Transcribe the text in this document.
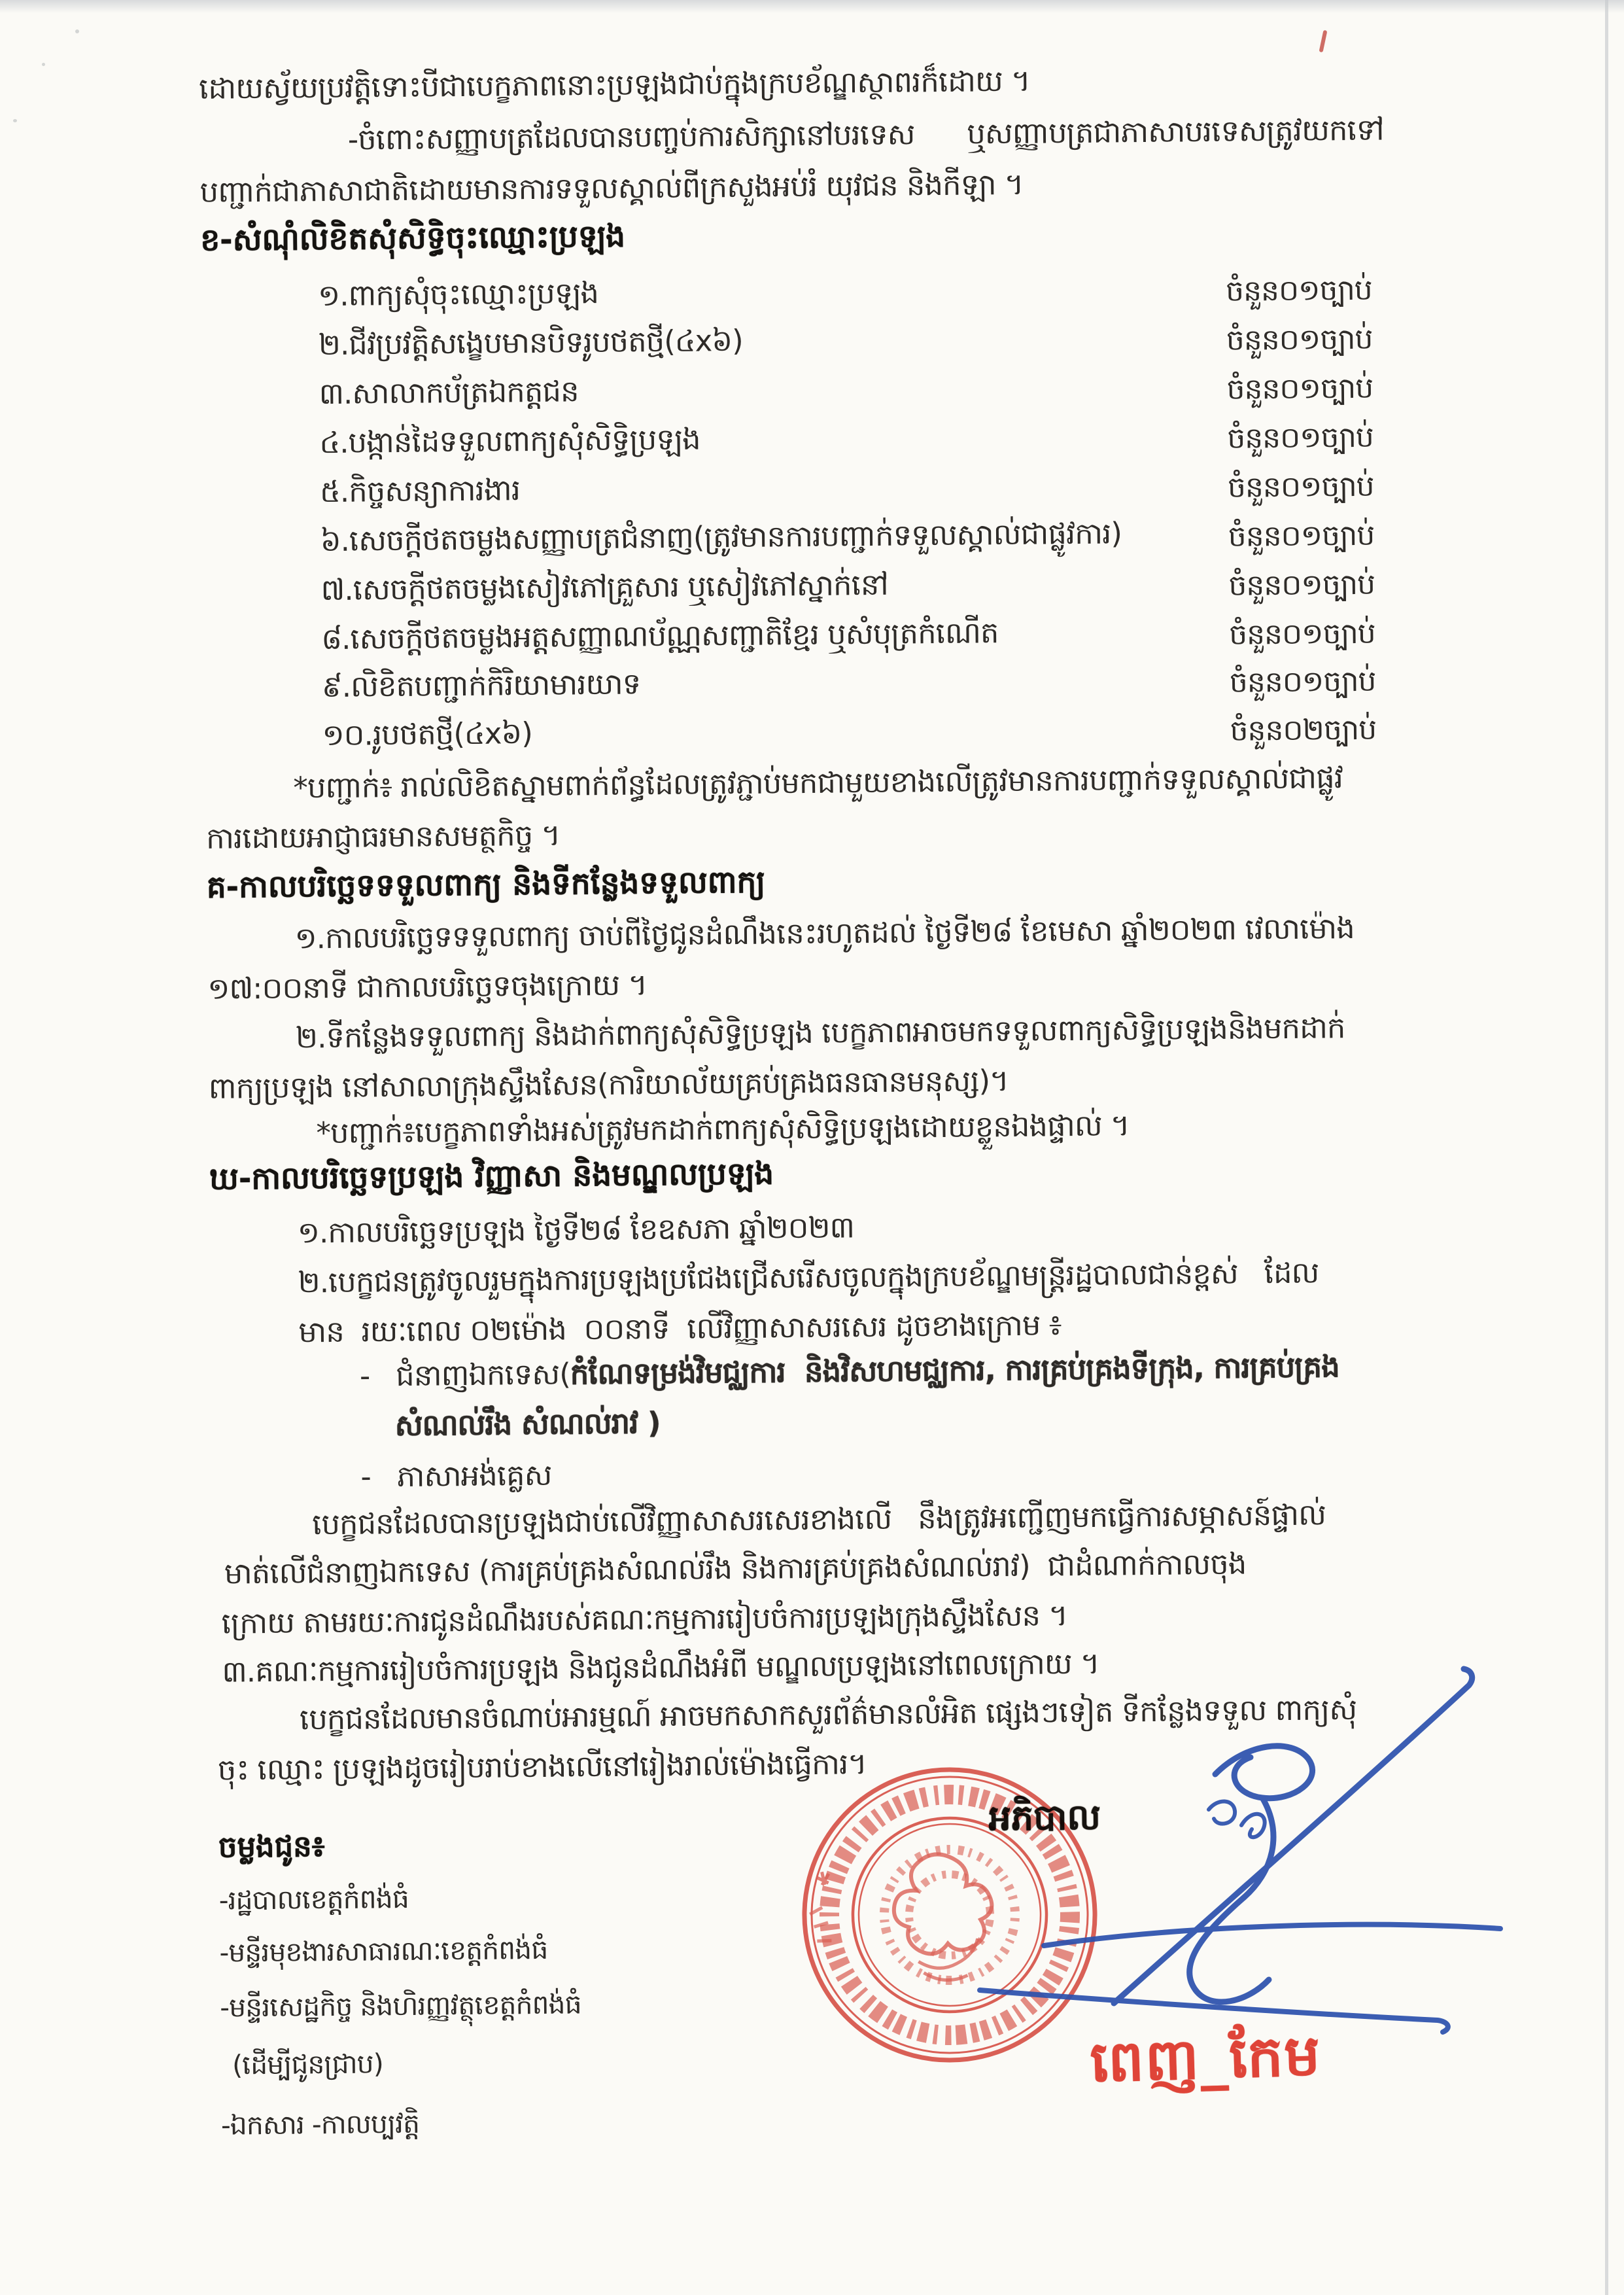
ដោយស្វ័យប្រវត្តិទោះបីជាបេក្ខភាពនោះប្រឡងជាប់ក្នុងក្របខ័ណ្ឌស្ថាពរក៏ដោយ ។
-ចំពោះសញ្ញាបត្រដែលបានបញ្ចប់ការសិក្សានៅបរទេស      ឬសញ្ញាបត្រជាភាសាបរទេសត្រូវយកទៅ
បញ្ជាក់ជាភាសាជាតិដោយមានការទទួលស្គាល់ពីក្រសួងអប់រំ យុវជន និងកីឡា ។
ខ-សំណុំលិខិតសុំសិទ្ធិចុះឈ្មោះប្រឡង
១.ពាក្យសុំចុះឈ្មោះប្រឡង	ចំនួន០១ច្បាប់
២.ជីវប្រវត្តិសង្ខេបមានបិទរូបថតថ្មី(៤x៦)	ចំនួន០១ច្បាប់
៣.សាលាកប័ត្រឯកត្តជន	ចំនួន០១ច្បាប់
៤.បង្កាន់ដៃទទួលពាក្យសុំសិទ្ធិប្រឡង	ចំនួន០១ច្បាប់
៥.កិច្ចសន្យាការងារ	ចំនួន០១ច្បាប់
៦.សេចក្ដីថតចម្លងសញ្ញាបត្រជំនាញ(ត្រូវមានការបញ្ជាក់ទទួលស្គាល់ជាផ្លូវការ)	ចំនួន០១ច្បាប់
៧.សេចក្ដីថតចម្លងសៀវភៅគ្រួសារ ឬសៀវភៅស្នាក់នៅ	ចំនួន០១ច្បាប់
៨.សេចក្ដីថតចម្លងអត្តសញ្ញាណប័ណ្ណសញ្ជាតិខ្មែរ ឬសំបុត្រកំណើត	ចំនួន០១ច្បាប់
៩.លិខិតបញ្ជាក់កិរិយាមារយាទ	ចំនួន០១ច្បាប់
១០.រូបថតថ្មី(៤x៦)	ចំនួន០២ច្បាប់
*បញ្ជាក់៖ រាល់លិខិតស្នាមពាក់ព័ន្ធដែលត្រូវភ្ជាប់មកជាមួយខាងលើត្រូវមានការបញ្ជាក់ទទួលស្គាល់ជាផ្លូវ
ការដោយអាជ្ញាធរមានសមត្ថកិច្ច ។
គ-កាលបរិច្ឆេទទទួលពាក្យ និងទីកន្លែងទទួលពាក្យ
១.កាលបរិច្ឆេទទទួលពាក្យ ចាប់ពីថ្ងៃជូនដំណឹងនេះរហូតដល់ ថ្ងៃទី២៨ ខែមេសា ឆ្នាំ២០២៣ វេលាម៉ោង
១៧:០០នាទី ជាកាលបរិច្ឆេទចុងក្រោយ ។
២.ទីកន្លែងទទួលពាក្យ និងដាក់ពាក្យសុំសិទ្ធិប្រឡង បេក្ខភាពអាចមកទទួលពាក្យសិទ្ធិប្រឡងនិងមកដាក់
ពាក្យប្រឡង នៅសាលាក្រុងស្ទឹងសែន(ការិយាល័យគ្រប់គ្រងធនធានមនុស្ស)។
*បញ្ជាក់៖បេក្ខភាពទាំងអស់ត្រូវមកដាក់ពាក្យសុំសិទ្ធិប្រឡងដោយខ្លួនឯងផ្ទាល់ ។
ឃ-កាលបរិច្ឆេទប្រឡង វិញ្ញាសា និងមណ្ឌលប្រឡង
១.កាលបរិច្ឆេទប្រឡង ថ្ងៃទី២៨ ខែឧសភា ឆ្នាំ២០២៣
២.បេក្ខជនត្រូវចូលរួមក្នុងការប្រឡងប្រជែងជ្រើសរើសចូលក្នុងក្របខ័ណ្ឌមន្ត្រីរដ្ឋបាលជាន់ខ្ពស់   ដែល
មាន  រយៈពេល ០២ម៉ោង  ០០នាទី  លើវិញ្ញាសាសរសេរ ដូចខាងក្រោម ៖
-   ជំនាញឯកទេស(កំណែទម្រង់វិមជ្ឈការ  និងវិសហមជ្ឈការ, ការគ្រប់គ្រងទីក្រុង, ការគ្រប់គ្រង
សំណល់រឹង សំណល់រាវ )
-   ភាសាអង់គ្លេស
បេក្ខជនដែលបានប្រឡងជាប់លើវិញ្ញាសាសរសេរខាងលើ   នឹងត្រូវអញ្ជើញមកធ្វើការសម្ភាសន៍ផ្ទាល់
មាត់លើជំនាញឯកទេស (ការគ្រប់គ្រងសំណល់រឹង និងការគ្រប់គ្រងសំណល់រាវ)  ជាដំណាក់កាលចុង
ក្រោយ តាមរយៈការជូនដំណឹងរបស់គណៈកម្មការរៀបចំការប្រឡងក្រុងស្ទឹងសែន ។
៣.គណៈកម្មការរៀបចំការប្រឡង និងជូនដំណឹងអំពី មណ្ឌលប្រឡងនៅពេលក្រោយ ។
បេក្ខជនដែលមានចំណាប់អារម្មណ៍ អាចមកសាកសួរព័ត៌មានលំអិត ផ្សេងៗទៀត ទីកន្លែងទទួល ពាក្យសុំ
ចុះ ឈ្មោះ ប្រឡងដូចរៀបរាប់ខាងលើនៅរៀងរាល់ម៉ោងធ្វើការ។
ចម្លងជូន៖
-រដ្ឋបាលខេត្តកំពង់ធំ
-មន្ទីរមុខងារសាធារណៈខេត្តកំពង់ធំ
-មន្ទីរសេដ្ឋកិច្ច និងហិរញ្ញវត្ថុខេត្តកំពង់ធំ
(ដើម្បីជូនជ្រាប)
-ឯកសារ -កាលប្បវត្តិ
អភិបាល
ពេញ_កែម
